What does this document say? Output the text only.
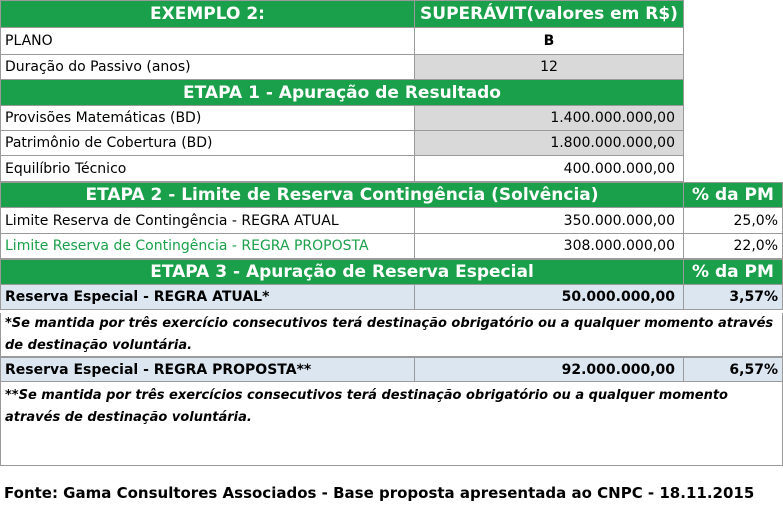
EXEMPLO 2:	SUPERÁVIT(valores em R$)
PLANO	B
Duração do Passivo (anos)	12
ETAPA 1 - Apuração de Resultado
Provisões Matemáticas (BD)	1.400.000.000,00
Patrimônio de Cobertura (BD)	1.800.000.000,00
Equilíbrio Técnico	400.000.000,00
ETAPA 2 - Limite de Reserva Contingência (Solvência)	% da PM
Limite Reserva de Contingência - REGRA ATUAL	350.000.000,00	25,0%
Limite Reserva de Contingência - REGRA PROPOSTA	308.000.000,00	22,0%
ETAPA 3 - Apuração de Reserva Especial	% da PM
Reserva Especial - REGRA ATUAL*	50.000.000,00	3,57%
*Se mantida por três exercício consecutivos terá destinação obrigatório ou a qualquer momento através de destinação voluntária.
Reserva Especial - REGRA PROPOSTA**	92.000.000,00	6,57%
**Se mantida por três exercícios consecutivos terá destinação obrigatório ou a qualquer momento através de destinação voluntária.
Fonte: Gama Consultores Associados - Base proposta apresentada ao CNPC - 18.11.2015
